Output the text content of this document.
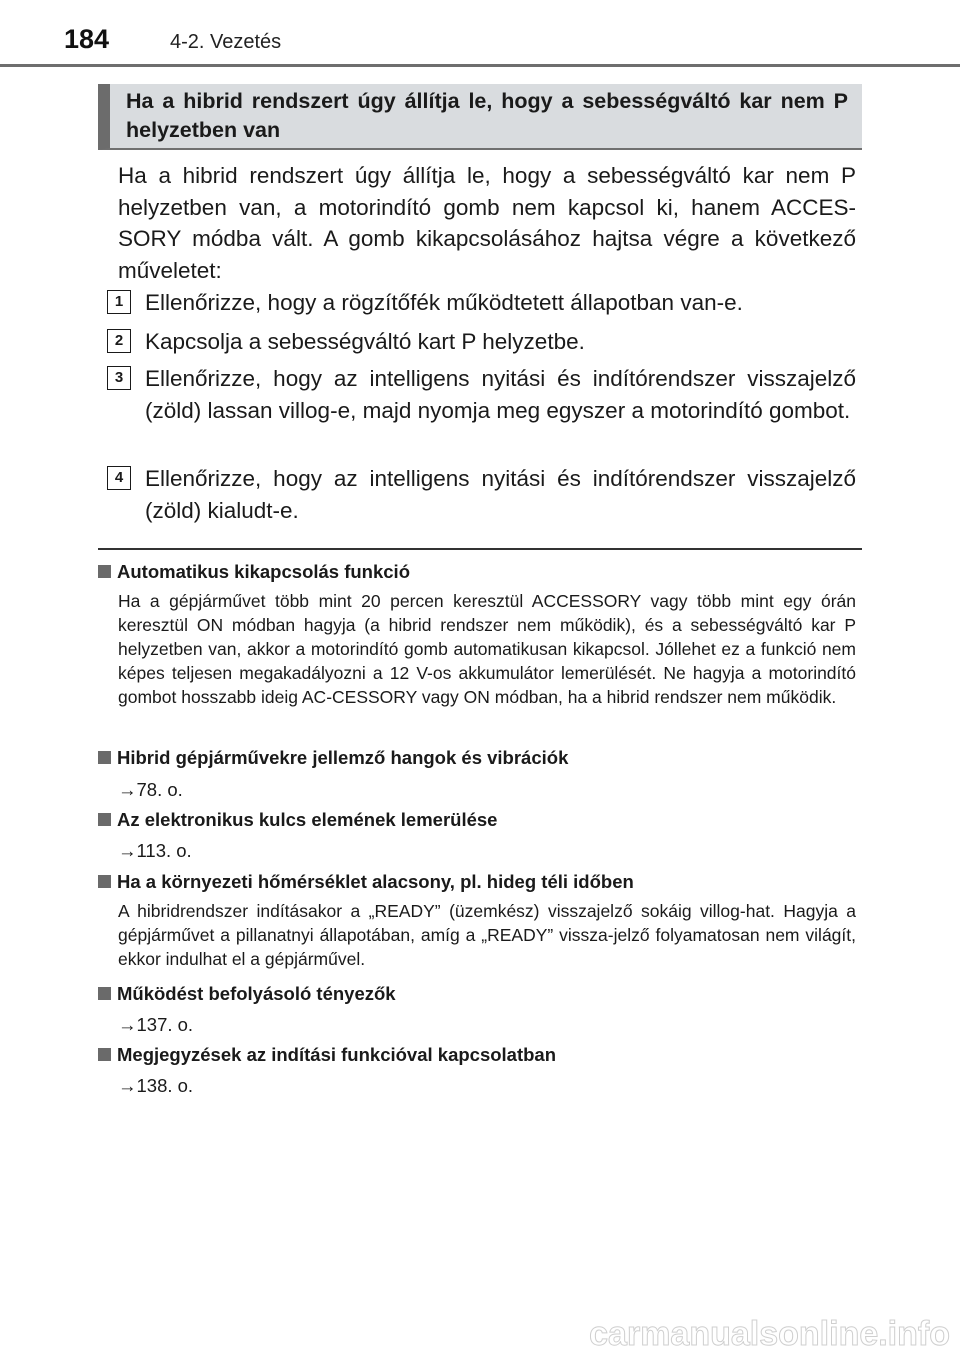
184	4-2. Vezetés
Ha a hibrid rendszert úgy állítja le, hogy a sebességváltó kar nem P helyzetben van
Ha a hibrid rendszert úgy állítja le, hogy a sebességváltó kar nem P helyzetben van, a motorindító gomb nem kapcsol ki, hanem ACCES-SORY módba vált. A gomb kikapcsolásához hajtsa végre a következő műveletet:
1 Ellenőrizze, hogy a rögzítőfék működtetett állapotban van-e.
2 Kapcsolja a sebességváltó kart P helyzetbe.
3 Ellenőrizze, hogy az intelligens nyitási és indítórendszer visszajelző (zöld) lassan villog-e, majd nyomja meg egyszer a motorindító gombot.
4 Ellenőrizze, hogy az intelligens nyitási és indítórendszer visszajelző (zöld) kialudt-e.
Automatikus kikapcsolás funkció
Ha a gépjárművet több mint 20 percen keresztül ACCESSORY vagy több mint egy órán keresztül ON módban hagyja (a hibrid rendszer nem működik), és a sebességváltó kar P helyzetben van, akkor a motorindító gomb automatikusan kikapcsol. Jóllehet ez a funkció nem képes teljesen megakadályozni a 12 V-os akkumulátor lemerülését. Ne hagyja a motorindító gombot hosszabb ideig AC-CESSORY vagy ON módban, ha a hibrid rendszer nem működik.
Hibrid gépjárművekre jellemző hangok és vibrációk
→78. o.
Az elektronikus kulcs elemének lemerülése
→113. o.
Ha a környezeti hőmérséklet alacsony, pl. hideg téli időben
A hibridrendszer indításakor a „READY” (üzemkész) visszajelző sokáig villog-hat. Hagyja a gépjárművet a pillanatnyi állapotában, amíg a „READY” vissza-jelző folyamatosan nem világít, ekkor indulhat el a gépjárművel.
Működést befolyásoló tényezők
→137. o.
Megjegyzések az indítási funkcióval kapcsolatban
→138. o.
carmanualsonline.info
